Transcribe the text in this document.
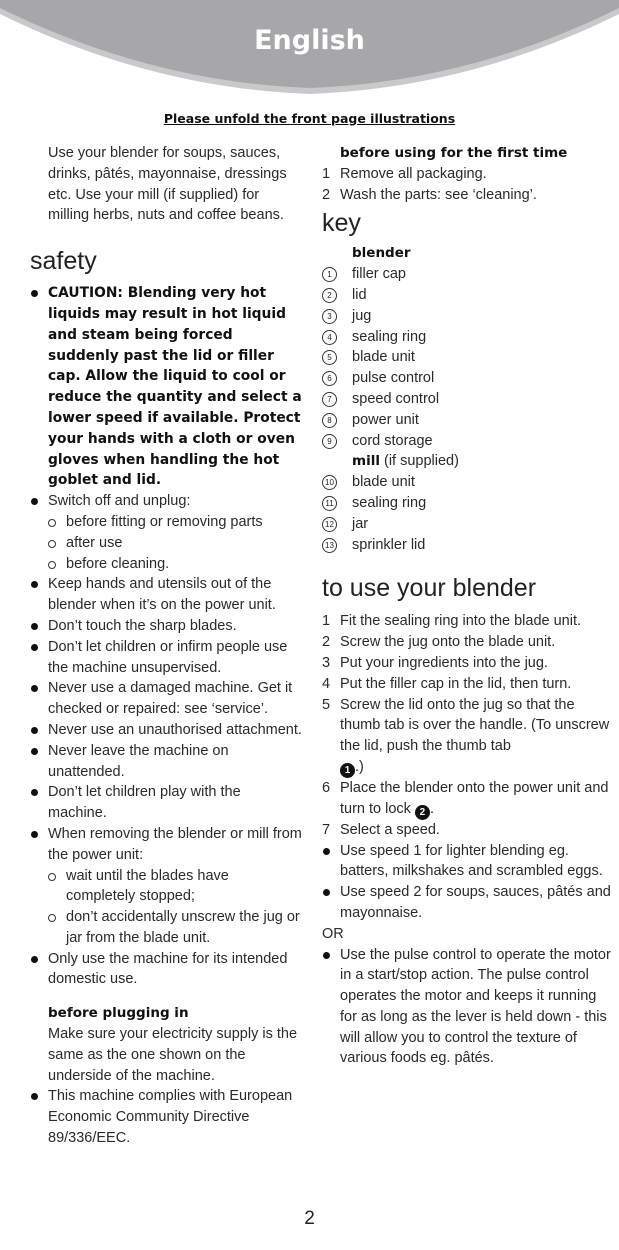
English
Please unfold the front page illustrations
Use your blender for soups, sauces, drinks, pâtés, mayonnaise, dressings etc. Use your mill (if supplied) for milling herbs, nuts and coffee beans.
safety
CAUTION: Blending very hot liquids may result in hot liquid and steam being forced suddenly past the lid or filler cap. Allow the liquid to cool or reduce the quantity and select a lower speed if available. Protect your hands with a cloth or oven gloves when handling the hot goblet and lid.
Switch off and unplug:
before fitting or removing parts
after use
before cleaning.
Keep hands and utensils out of the blender when it’s on the power unit.
Don’t touch the sharp blades.
Don’t let children or infirm people use the machine unsupervised.
Never use a damaged machine. Get it checked or repaired: see ‘service’.
Never use an unauthorised attachment.
Never leave the machine on unattended.
Don’t let children play with the machine.
When removing the blender or mill from the power unit:
wait until the blades have completely stopped;
don’t accidentally unscrew the jug or jar from the blade unit.
Only use the machine for its intended domestic use.
before plugging in
Make sure your electricity supply is the same as the one shown on the underside of the machine.
This machine complies with European Economic Community Directive 89/336/EEC.
before using for the first time
1 Remove all packaging.
2 Wash the parts: see ‘cleaning’.
key
blender
1	filler cap
2	lid
3	jug
4	sealing ring
5	blade unit
6	pulse control
7	speed control
8	power unit
9	cord storage
mill (if supplied)
10 blade unit
11 sealing ring
12 jar
13 sprinkler lid
to use your blender
1 Fit the sealing ring into the blade unit.
2 Screw the jug onto the blade unit.
3 Put your ingredients into the jug.
4 Put the filler cap in the lid, then turn.
5 Screw the lid onto the jug so that the thumb tab is over the handle. (To unscrew the lid, push the thumb tab
1 .)
6 Place the blender onto the power unit and turn to lock 2 .
7 Select a speed.
Use speed 1 for lighter blending eg. batters, milkshakes and scrambled eggs.
Use speed 2 for soups, sauces, pâtés and mayonnaise.
OR
Use the pulse control to operate the motor in a start/stop action. The pulse control operates the motor and keeps it running for as long as the lever is held down - this will allow you to control the texture of various foods eg. pâtés.
2
